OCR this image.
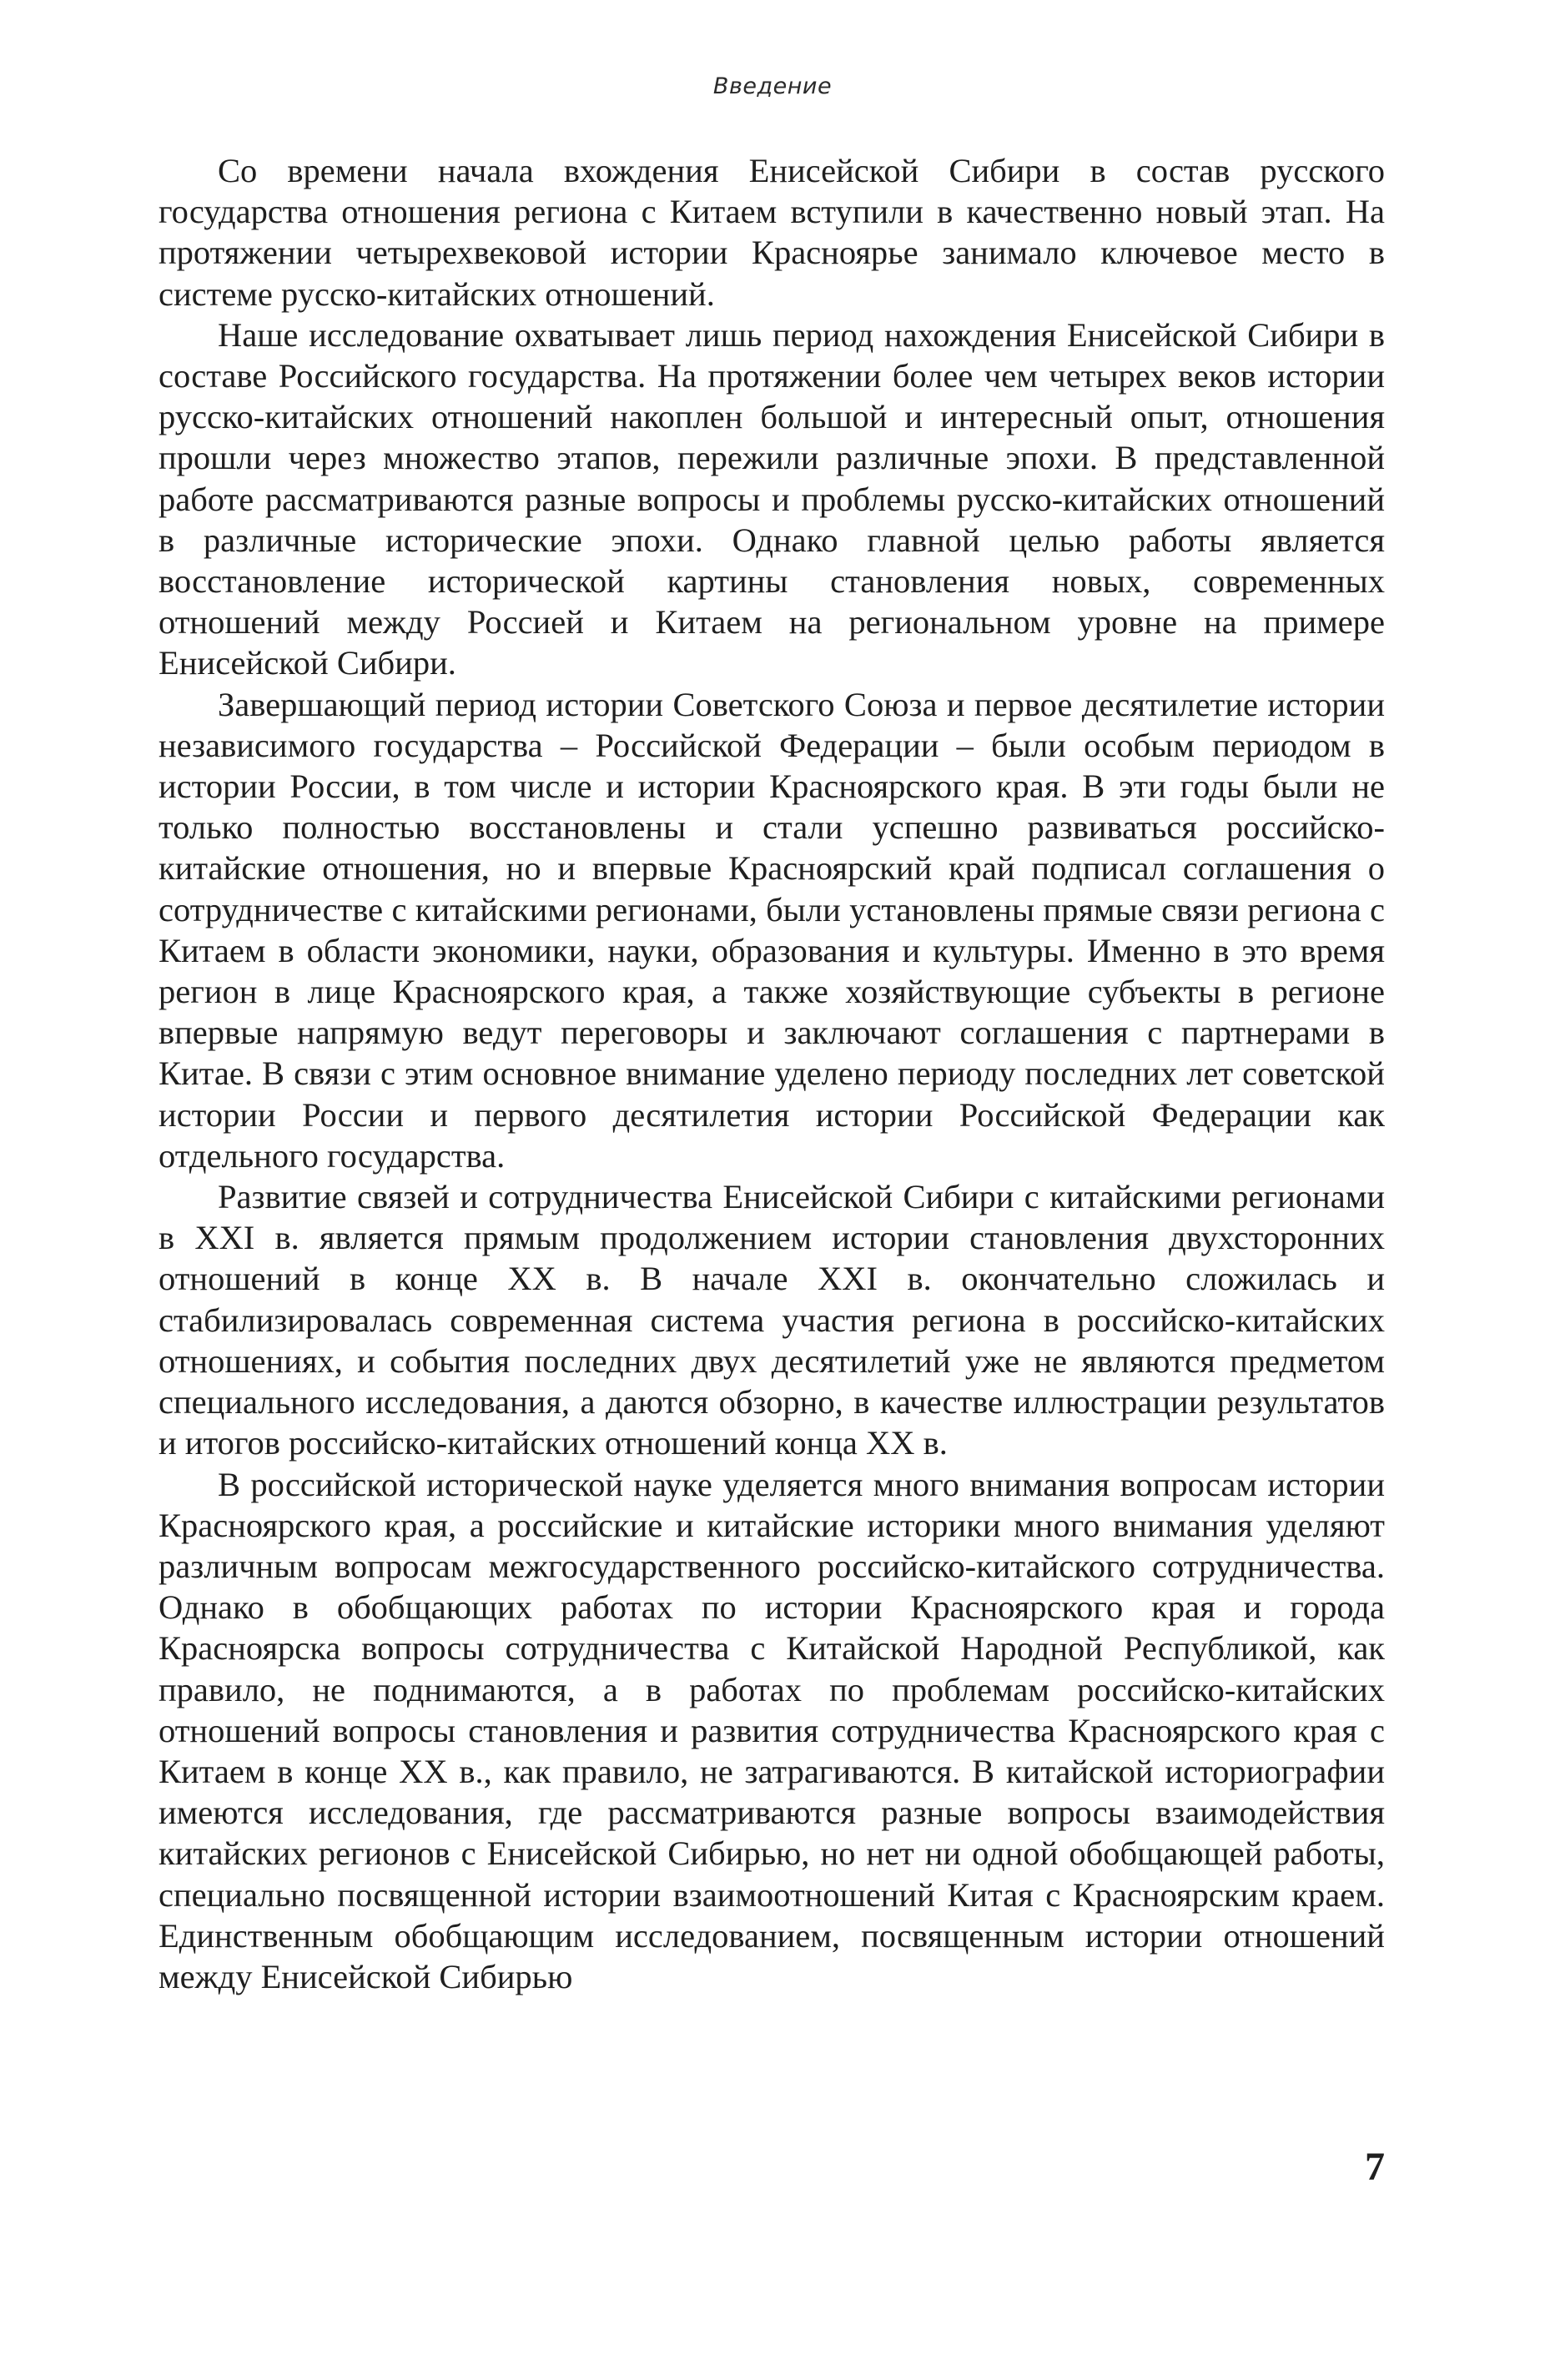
Введение

Со времени начала вхождения Енисейской Сибири в состав русского государства отношения региона с Китаем вступили в качественно новый этап. На протяжении четырехвековой истории Красноярье занимало ключевое место в системе русско-китайских отношений.

Наше исследование охватывает лишь период нахождения Енисейской Сибири в составе Российского государства. На протяжении более чем четырех веков истории русско-китайских отношений накоплен большой и интересный опыт, отношения прошли через множество этапов, пережили различные эпохи. В представленной работе рассматриваются разные вопросы и проблемы русско-китайских отношений в различные исторические эпохи. Однако главной целью работы является восстановление исторической картины становления новых, современных отношений между Россией и Китаем на региональном уровне на примере Енисейской Сибири.

Завершающий период истории Советского Союза и первое десятилетие истории независимого государства – Российской Федерации – были особым периодом в истории России, в том числе и истории Красноярского края. В эти годы были не только полностью восстановлены и стали успешно развиваться российско-китайские отношения, но и впервые Красноярский край подписал соглашения о сотрудничестве с китайскими регионами, были установлены прямые связи региона с Китаем в области экономики, науки, образования и культуры. Именно в это время регион в лице Красноярского края, а также хозяйствующие субъекты в регионе впервые напрямую ведут переговоры и заключают соглашения с партнерами в Китае. В связи с этим основное внимание уделено периоду последних лет советской истории России и первого десятилетия истории Российской Федерации как отдельного государства.

Развитие связей и сотрудничества Енисейской Сибири с китайскими регионами в XXI в. является прямым продолжением истории становления двухсторонних отношений в конце XX в. В начале XXI в. окончательно сложилась и стабилизировалась современная система участия региона в российско-китайских отношениях, и события последних двух десятилетий уже не являются предметом специального исследования, а даются обзорно, в качестве иллюстрации результатов и итогов российско-китайских отношений конца XX в.

В российской исторической науке уделяется много внимания вопросам истории Красноярского края, а российские и китайские историки много внимания уделяют различным вопросам межгосударственного российско-китайского сотрудничества. Однако в обобщающих работах по истории Красноярского края и города Красноярска вопросы сотрудничества с Китайской Народной Республикой, как правило, не поднимаются, а в работах по проблемам российско-китайских отношений вопросы становления и развития сотрудничества Красноярского края с Китаем в конце XX в., как правило, не затрагиваются. В китайской историографии имеются исследования, где рассматриваются разные вопросы взаимодействия китайских регионов с Енисейской Сибирью, но нет ни одной обобщающей работы, специально посвященной истории взаимоотношений Китая с Красноярским краем. Единственным обобщающим исследованием, посвященным истории отношений между Енисейской Сибирью

7
